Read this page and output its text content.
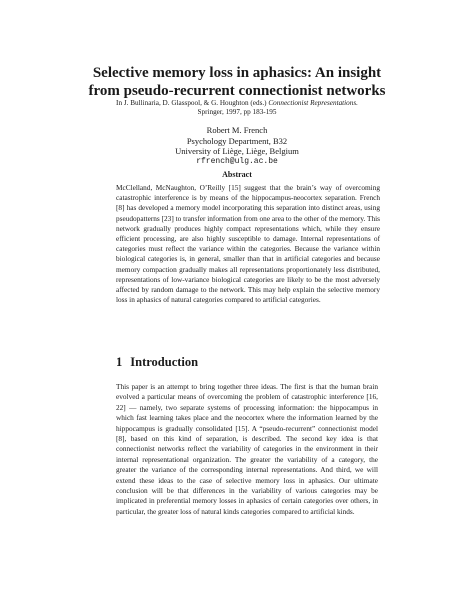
Selective memory loss in aphasics: An insight
from pseudo-recurrent connectionist networks
In J. Bullinaria, D. Glasspool, & G. Houghton (eds.) Connectionist Representations.
Springer, 1997, pp 183-195
Robert M. French
Psychology Department, B32
University of Liège, Liège, Belgium
rfrench@ulg.ac.be
Abstract

McClelland, McNaughton, O’Reilly [15] suggest that the brain’s way of overcoming catastrophic interference is by means of the hippocampus-neocortex separation. French [8] has developed a memory model incorporating this separation into distinct areas, using pseudopatterns [23] to transfer information from one area to the other of the memory. This network gradually produces highly compact representations which, while they ensure efficient processing, are also highly susceptible to damage. Internal representations of categories must reflect the variance within the categories. Because the variance within biological categories is, in general, smaller than that in artificial categories and because memory compaction gradually makes all representations proportionately less distributed, representations of low-variance biological categories are likely to be the most adversely affected by random damage to the network. This may help explain the selective memory loss in aphasics of natural categories compared to artificial categories.

1 Introduction

This paper is an attempt to bring together three ideas. The first is that the human brain evolved a particular means of overcoming the problem of catastrophic interference [16, 22] — namely, two separate systems of processing information: the hippocampus in which fast learning takes place and the neocortex where the information learned by the hippocampus is gradually consolidated [15]. A “pseudo-recurrent” connectionist model [8], based on this kind of separation, is described. The second key idea is that connectionist networks reflect the variability of categories in the environment in their internal representational organization. The greater the variability of a category, the greater the variance of the corresponding internal representations. And third, we will extend these ideas to the case of selective memory loss in aphasics. Our ultimate conclusion will be that differences in the variability of various categories may be implicated in preferential memory losses in aphasics of certain categories over others, in particular, the greater loss of natural kinds categories compared to artificial kinds.
